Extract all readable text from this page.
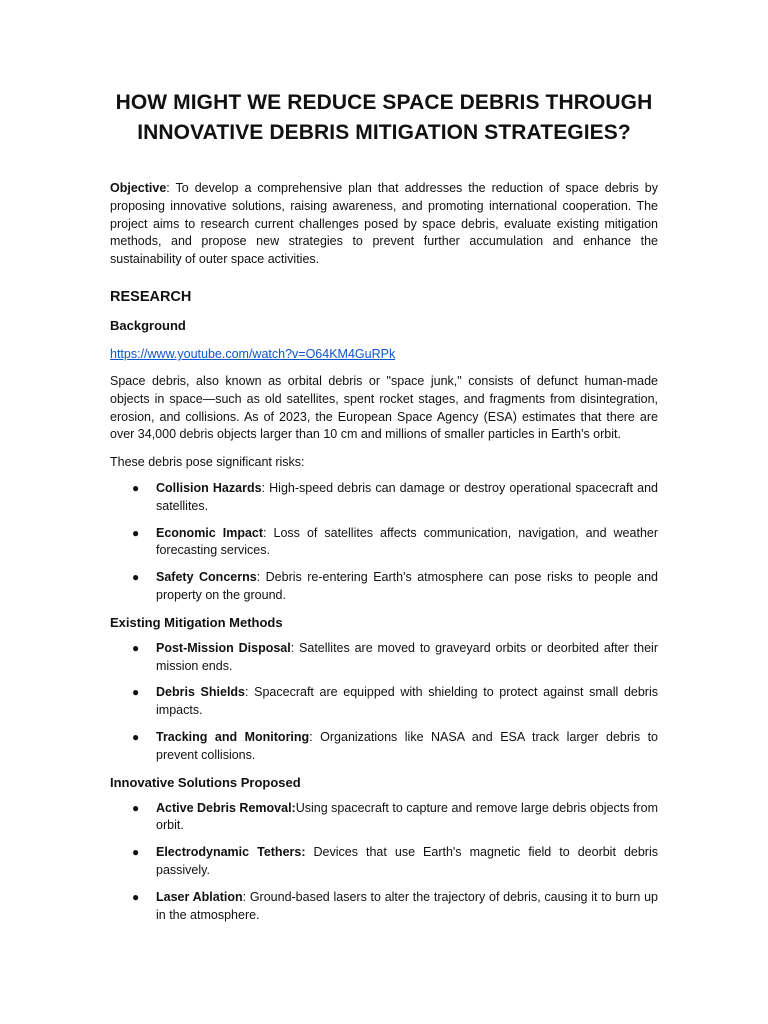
HOW MIGHT WE REDUCE SPACE DEBRIS THROUGH INNOVATIVE DEBRIS MITIGATION STRATEGIES?

Objective: To develop a comprehensive plan that addresses the reduction of space debris by proposing innovative solutions, raising awareness, and promoting international cooperation. The project aims to research current challenges posed by space debris, evaluate existing mitigation methods, and propose new strategies to prevent further accumulation and enhance the sustainability of outer space activities.

RESEARCH
Background
https://www.youtube.com/watch?v=O64KM4GuRPk

Space debris, also known as orbital debris or "space junk," consists of defunct human-made objects in space—such as old satellites, spent rocket stages, and fragments from disintegration, erosion, and collisions. As of 2023, the European Space Agency (ESA) estimates that there are over 34,000 debris objects larger than 10 cm and millions of smaller particles in Earth's orbit.

These debris pose significant risks:

● Collision Hazards: High-speed debris can damage or destroy operational spacecraft and satellites.
● Economic Impact: Loss of satellites affects communication, navigation, and weather forecasting services.
● Safety Concerns: Debris re-entering Earth's atmosphere can pose risks to people and property on the ground.
Existing Mitigation Methods
● Post-Mission Disposal: Satellites are moved to graveyard orbits or deorbited after their mission ends.
● Debris Shields: Spacecraft are equipped with shielding to protect against small debris impacts.
● Tracking and Monitoring: Organizations like NASA and ESA track larger debris to prevent collisions.
Innovative Solutions Proposed
● Active Debris Removal:Using spacecraft to capture and remove large debris objects from orbit.
● Electrodynamic Tethers: Devices that use Earth's magnetic field to deorbit debris passively.
● Laser Ablation: Ground-based lasers to alter the trajectory of debris, causing it to burn up in the atmosphere.
